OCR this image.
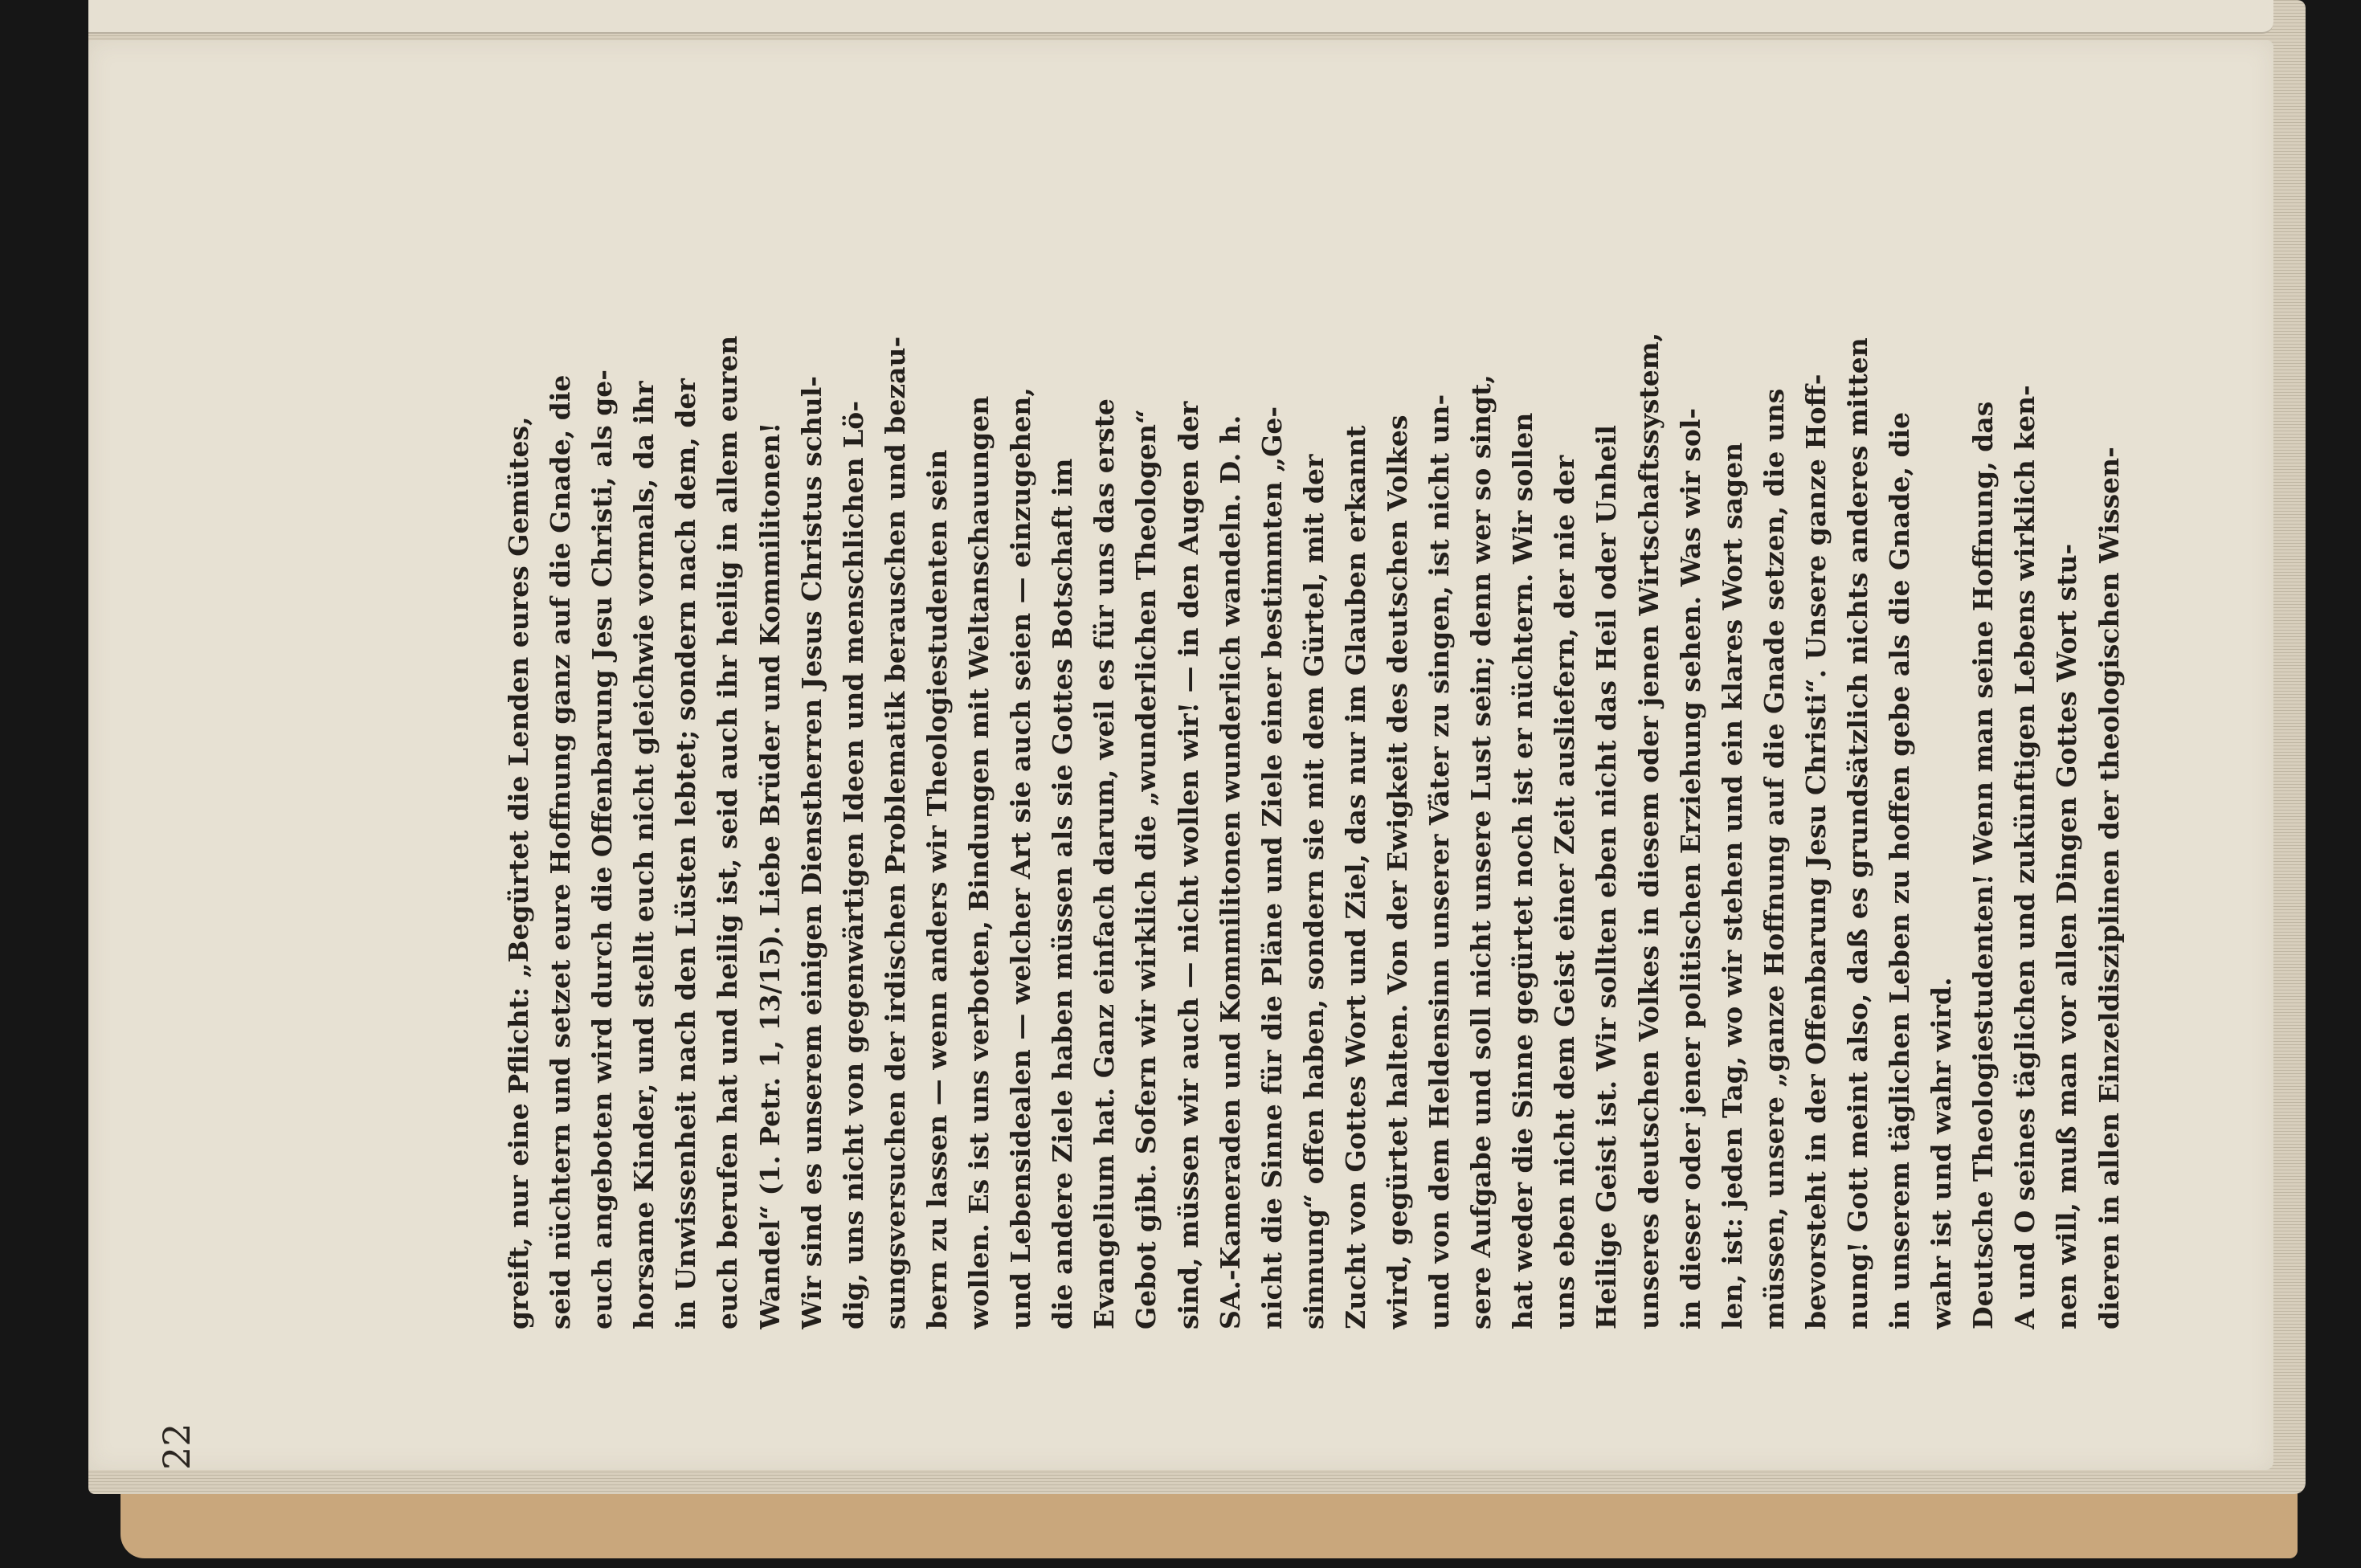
22
greift, nur eine Pflicht: „Begürtet die Lenden eures Gemütes, seid nüchtern und setzet eure Hoffnung ganz auf die Gnade, die euch angeboten wird durch die Offenbarung Jesu Christi, als ge- horsame Kinder, und stellt euch nicht gleichwie vormals, da ihr in Unwissenheit nach den Lüsten lebtet; sondern nach dem, der euch berufen hat und heilig ist, seid auch ihr heilig in allem euren Wandel“ (1. Petr. 1, 13/15). Liebe Brüder und Kommilitonen! Wir sind es unserem einigen Dienstherren Jesus Christus schul- dig, uns nicht von gegenwärtigen Ideen und menschlichen Lö- sungsversuchen der irdischen Problematik berauschen und bezau- bern zu lassen — wenn anders wir Theologiestudenten sein wollen. Es ist uns verboten, Bindungen mit Weltanschauungen und Lebensidealen — welcher Art sie auch seien — einzugehen, die andere Ziele haben müssen als sie Gottes Botschaft im Evangelium hat. Ganz einfach darum, weil es für uns das erste Gebot gibt. Sofern wir wirklich die „wunderlichen Theologen“ sind, müssen wir auch — nicht wollen wir! — in den Augen der SA.-Kameraden und Kommilitonen wunderlich wandeln. D. h. nicht die Sinne für die Pläne und Ziele einer bestimmten „Ge- sinnung“ offen haben, sondern sie mit dem Gürtel, mit der Zucht von Gottes Wort und Ziel, das nur im Glauben erkannt wird, gegürtet halten. Von der Ewigkeit des deutschen Volkes und von dem Heldensinn unserer Väter zu singen, ist nicht un- sere Aufgabe und soll nicht unsere Lust sein; denn wer so singt, hat weder die Sinne gegürtet noch ist er nüchtern. Wir sollen uns eben nicht dem Geist einer Zeit ausliefern, der nie der Heilige Geist ist. Wir sollten eben nicht das Heil oder Unheil unseres deutschen Volkes in diesem oder jenen Wirtschaftssystem, in dieser oder jener politischen Erziehung sehen. Was wir sol- len, ist: jeden Tag, wo wir stehen und ein klares Wort sagen müssen, unsere „ganze Hoffnung auf die Gnade setzen, die uns bevorsteht in der Offenbarung Jesu Christi“. Unsere ganze Hoff- nung! Gott meint also, daß es grundsätzlich nichts anderes mitten in unserem täglichen Leben zu hoffen gebe als die Gnade, die wahr ist und wahr wird. Deutsche Theologiestudenten! Wenn man seine Hoffnung, das A und O seines täglichen und zukünftigen Lebens wirklich ken- nen will, muß man vor allen Dingen Gottes Wort stu- dieren in allen Einzeldisziplinen der theologischen Wissen-
